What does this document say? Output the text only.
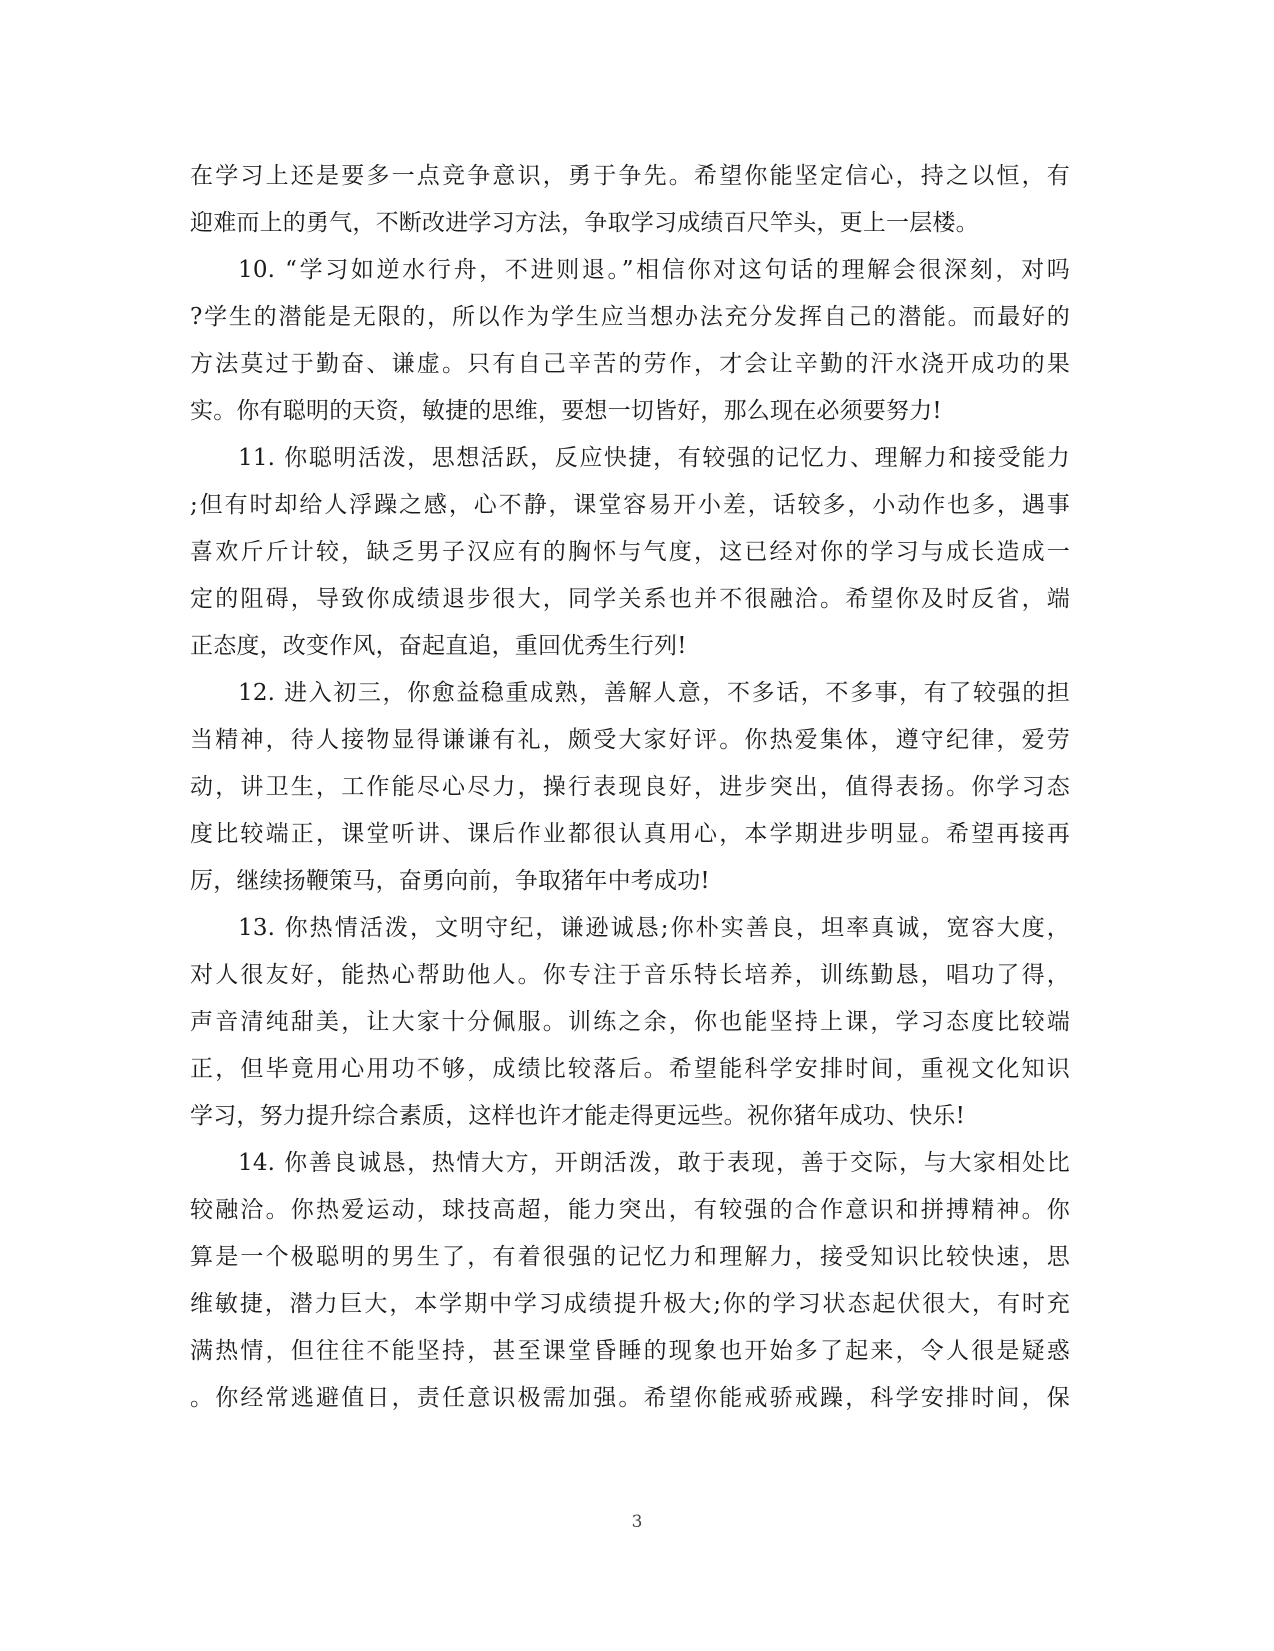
在学习上还是要多一点竞争意识，勇于争先。希望你能坚定信心，持之以恒，有
迎难而上的勇气，不断改进学习方法，争取学习成绩百尺竿头，更上一层楼。
10. “学习如逆水行舟，不进则退。”相信你对这句话的理解会很深刻，对吗
?学生的潜能是无限的，所以作为学生应当想办法充分发挥自己的潜能。而最好的
方法莫过于勤奋、谦虚。只有自己辛苦的劳作，才会让辛勤的汗水浇开成功的果
实。你有聪明的天资，敏捷的思维，要想一切皆好，那么现在必须要努力!
11. 你聪明活泼，思想活跃，反应快捷，有较强的记忆力、理解力和接受能力
;但有时却给人浮躁之感，心不静，课堂容易开小差，话较多，小动作也多，遇事
喜欢斤斤计较，缺乏男子汉应有的胸怀与气度，这已经对你的学习与成长造成一
定的阻碍，导致你成绩退步很大，同学关系也并不很融洽。希望你及时反省，端
正态度，改变作风，奋起直追，重回优秀生行列!
12. 进入初三，你愈益稳重成熟，善解人意，不多话，不多事，有了较强的担
当精神，待人接物显得谦谦有礼，颇受大家好评。你热爱集体，遵守纪律，爱劳
动，讲卫生，工作能尽心尽力，操行表现良好，进步突出，值得表扬。你学习态
度比较端正，课堂听讲、课后作业都很认真用心，本学期进步明显。希望再接再
厉，继续扬鞭策马，奋勇向前，争取猪年中考成功!
13. 你热情活泼，文明守纪，谦逊诚恳;你朴实善良，坦率真诚，宽容大度，
对人很友好，能热心帮助他人。你专注于音乐特长培养，训练勤恳，唱功了得，
声音清纯甜美，让大家十分佩服。训练之余，你也能坚持上课，学习态度比较端
正，但毕竟用心用功不够，成绩比较落后。希望能科学安排时间，重视文化知识
学习，努力提升综合素质，这样也许才能走得更远些。祝你猪年成功、快乐!
14. 你善良诚恳，热情大方，开朗活泼，敢于表现，善于交际，与大家相处比
较融洽。你热爱运动，球技高超，能力突出，有较强的合作意识和拼搏精神。你
算是一个极聪明的男生了，有着很强的记忆力和理解力，接受知识比较快速，思
维敏捷，潜力巨大，本学期中学习成绩提升极大;你的学习状态起伏很大，有时充
满热情，但往往不能坚持，甚至课堂昏睡的现象也开始多了起来，令人很是疑惑
。你经常逃避值日，责任意识极需加强。希望你能戒骄戒躁，科学安排时间，保
3
